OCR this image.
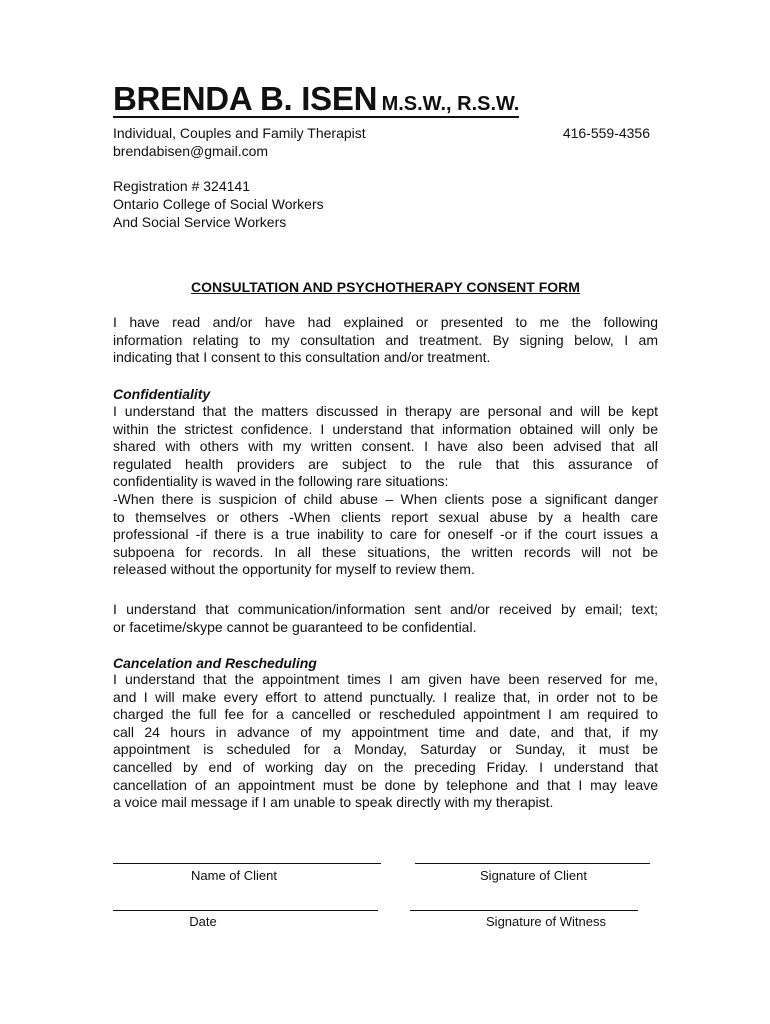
BRENDA B. ISEN M.S.W., R.S.W.
Individual, Couples and Family Therapist	416-559-4356
brendabisen@gmail.com
Registration # 324141
Ontario College of Social Workers
And Social Service Workers
CONSULTATION AND PSYCHOTHERAPY CONSENT FORM
I have read and/or have had explained or presented to me the following
information relating to my consultation and treatment. By signing below, I am
indicating that I consent to this consultation and/or treatment.
Confidentiality
I understand that the matters discussed in therapy are personal and will be kept
within the strictest confidence. I understand that information obtained will only be
shared with others with my written consent. I have also been advised that all
regulated health providers are subject to the rule that this assurance of
confidentiality is waved in the following rare situations:
-When there is suspicion of child abuse – When clients pose a significant danger
to themselves or others -When clients report sexual abuse by a health care
professional -if there is a true inability to care for oneself -or if the court issues a
subpoena for records. In all these situations, the written records will not be
released without the opportunity for myself to review them.
I understand that communication/information sent and/or received by email; text;
or facetime/skype cannot be guaranteed to be confidential.
Cancelation and Rescheduling
I understand that the appointment times I am given have been reserved for me,
and I will make every effort to attend punctually. I realize that, in order not to be
charged the full fee for a cancelled or rescheduled appointment I am required to
call 24 hours in advance of my appointment time and date, and that, if my
appointment is scheduled for a Monday, Saturday or Sunday, it must be
cancelled by end of working day on the preceding Friday. I understand that
cancellation of an appointment must be done by telephone and that I may leave
a voice mail message if I am unable to speak directly with my therapist.
Name of Client	Signature of Client
Date	Signature of Witness
